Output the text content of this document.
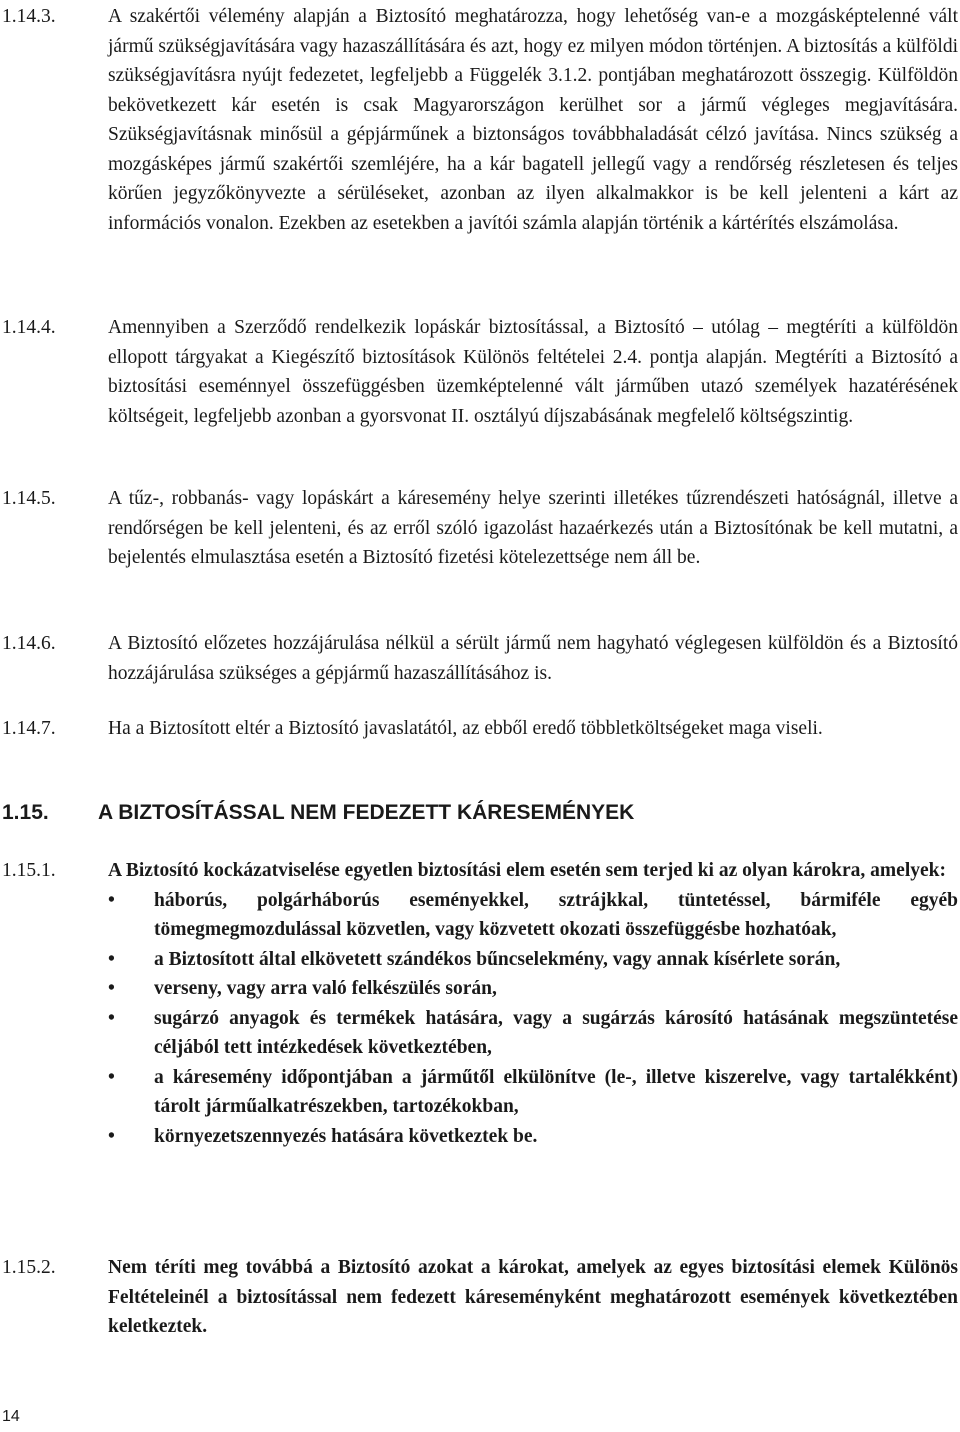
1.14.3.	A szakértői vélemény alapján a Biztosító meghatározza, hogy lehetőség van-e a mozgásképtelenné vált jármű szükségjavítására vagy hazaszállítására és azt, hogy ez milyen módon történjen. A biztosítás a külföldi szükségjavításra nyújt fedezetet, legfeljebb a Függelék 3.1.2. pontjában meghatározott összegig. Külföldön bekövetkezett kár esetén is csak Magyarországon kerülhet sor a jármű végleges megjavítására. Szükségjavításnak minősül a gépjárműnek a biztonságos továbbhaladását célzó javítása. Nincs szükség a mozgásképes jármű szakértői szemléjére, ha a kár bagatell jellegű vagy a rendőrség részletesen és teljes körűen jegyzőkönyvezte a sérüléseket, azonban az ilyen alkalmakkor is be kell jelenteni a kárt az információs vonalon. Ezekben az esetekben a javítói számla alapján történik a kártérítés elszámolása.
1.14.4.	Amennyiben a Szerződő rendelkezik lopáskár biztosítással, a Biztosító – utólag – megtéríti a külföldön ellopott tárgyakat a Kiegészítő biztosítások Különös feltételei 2.4. pontja alapján. Megtéríti a Biztosító a biztosítási eseménnyel összefüggésben üzemképtelenné vált járműben utazó személyek hazatérésének költségeit, legfeljebb azonban a gyorsvonat II. osztályú díjszabásának megfelelő költségszintig.
1.14.5.	A tűz-, robbanás- vagy lopáskárt a káresemény helye szerinti illetékes tűzrendészeti hatóságnál, illetve a rendőrségen be kell jelenteni, és az erről szóló igazolást hazaérkezés után a Biztosítónak be kell mutatni, a bejelentés elmulasztása esetén a Biztosító fizetési kötelezettsége nem áll be.
1.14.6.	A Biztosító előzetes hozzájárulása nélkül a sérült jármű nem hagyható véglegesen külföldön és a Biztosító hozzájárulása szükséges a gépjármű hazaszállításához is.
1.14.7.	Ha a Biztosított eltér a Biztosító javaslatától, az ebből eredő többletköltségeket maga viseli.
1.15. A BIZTOSÍTÁSSAL NEM FEDEZETT KÁRESEMÉNYEK
1.15.1.	A Biztosító kockázatviselése egyetlen biztosítási elem esetén sem terjed ki az olyan károkra, amelyek:
• háborús, polgárháborús eseményekkel, sztrájkkal, tüntetéssel, bármiféle egyéb tömegmegmozdulással közvetlen, vagy közvetett okozati összefüggésbe hozhatóak,
• a Biztosított által elkövetett szándékos bűncselekmény, vagy annak kísérlete során,
• verseny, vagy arra való felkészülés során,
• sugárzó anyagok és termékek hatására, vagy a sugárzás károsító hatásának megszüntetése céljából tett intézkedések következtében,
• a káresemény időpontjában a járműtől elkülönítve (le-, illetve kiszerelve, vagy tartalékként) tárolt járműalkatrészekben, tartozékokban,
• környezetszennyezés hatására következtek be.
1.15.2.	Nem téríti meg továbbá a Biztosító azokat a károkat, amelyek az egyes biztosítási elemek Különös Feltételeinél a biztosítással nem fedezett káreseményként meghatározott események következtében keletkeztek.
14
